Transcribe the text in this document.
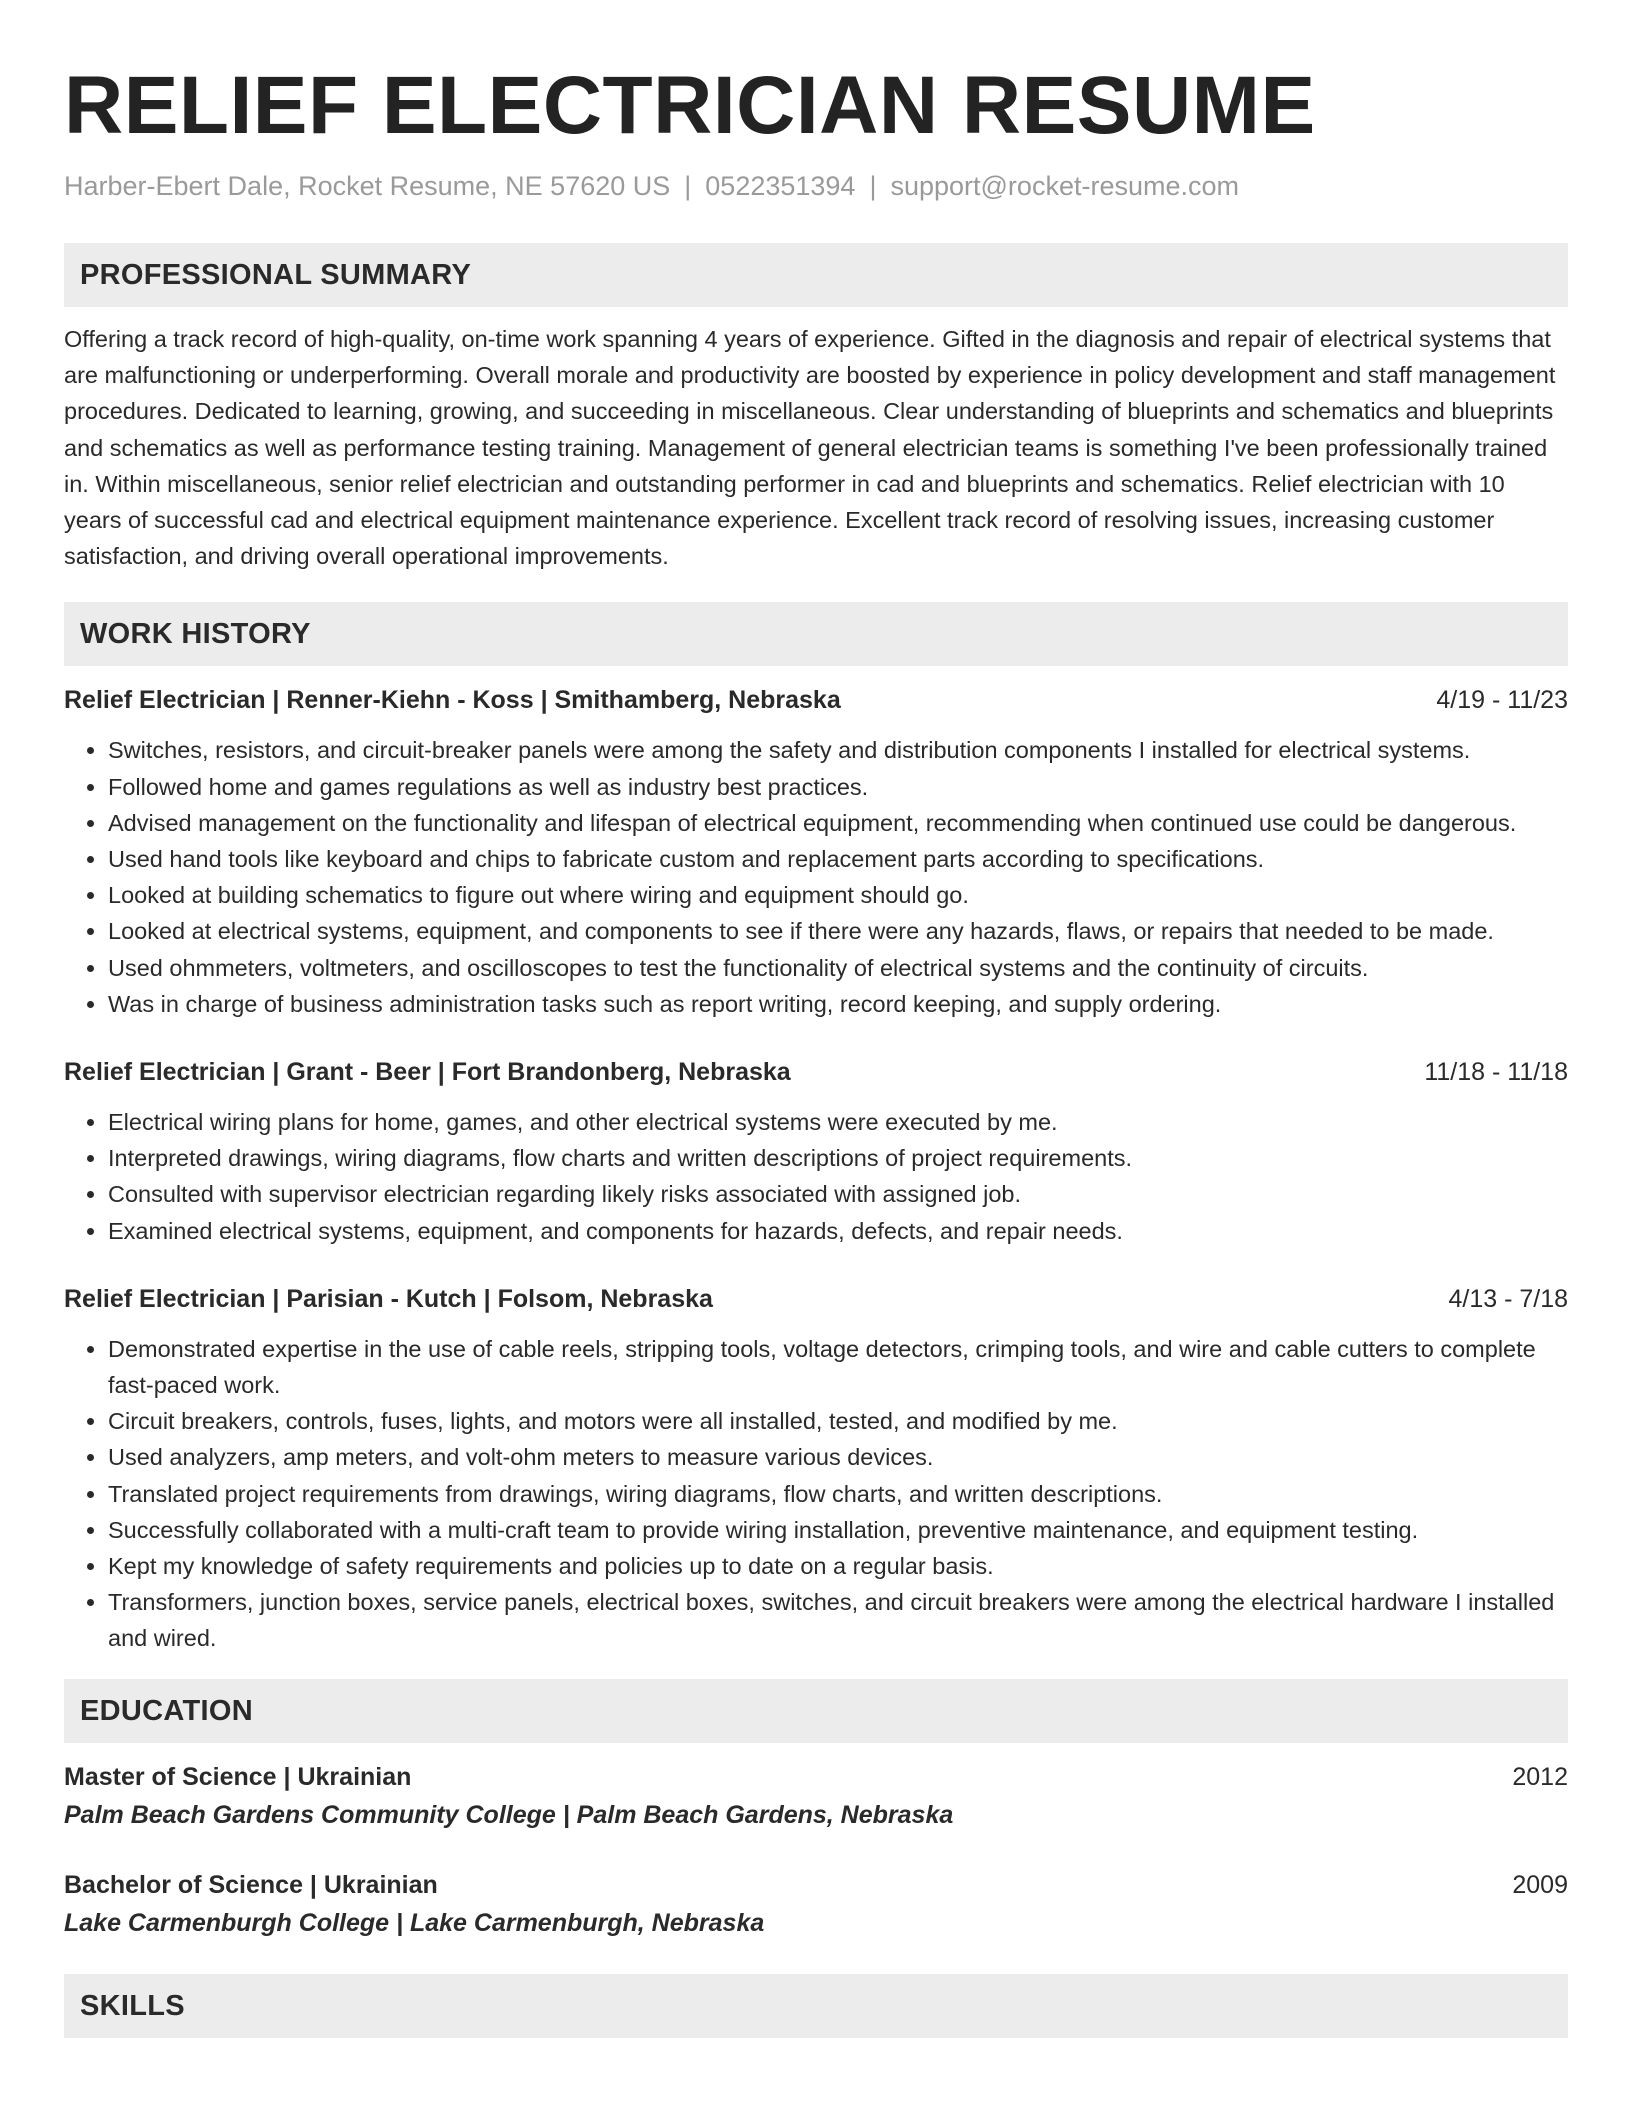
RELIEF ELECTRICIAN RESUME
Harber-Ebert Dale, Rocket Resume, NE 57620 US | 0522351394 | support@rocket-resume.com
PROFESSIONAL SUMMARY

Offering a track record of high-quality, on-time work spanning 4 years of experience. Gifted in the diagnosis and repair of electrical systems that are malfunctioning or underperforming. Overall morale and productivity are boosted by experience in policy development and staff management procedures. Dedicated to learning, growing, and succeeding in miscellaneous. Clear understanding of blueprints and schematics and blueprints and schematics as well as performance testing training. Management of general electrician teams is something I've been professionally trained in. Within miscellaneous, senior relief electrician and outstanding performer in cad and blueprints and schematics. Relief electrician with 10 years of successful cad and electrical equipment maintenance experience. Excellent track record of resolving issues, increasing customer satisfaction, and driving overall operational improvements.

WORK HISTORY
Relief Electrician | Renner-Kiehn - Koss | Smithamberg, Nebraska	4/19 - 11/23
• Switches, resistors, and circuit-breaker panels were among the safety and distribution components I installed for electrical systems.
• Followed home and games regulations as well as industry best practices.
• Advised management on the functionality and lifespan of electrical equipment, recommending when continued use could be dangerous.
• Used hand tools like keyboard and chips to fabricate custom and replacement parts according to specifications.
• Looked at building schematics to figure out where wiring and equipment should go.
• Looked at electrical systems, equipment, and components to see if there were any hazards, flaws, or repairs that needed to be made.
• Used ohmmeters, voltmeters, and oscilloscopes to test the functionality of electrical systems and the continuity of circuits.
• Was in charge of business administration tasks such as report writing, record keeping, and supply ordering.
Relief Electrician | Grant - Beer | Fort Brandonberg, Nebraska	11/18 - 11/18
• Electrical wiring plans for home, games, and other electrical systems were executed by me.
• Interpreted drawings, wiring diagrams, flow charts and written descriptions of project requirements.
• Consulted with supervisor electrician regarding likely risks associated with assigned job.
• Examined electrical systems, equipment, and components for hazards, defects, and repair needs.
Relief Electrician | Parisian - Kutch | Folsom, Nebraska	4/13 - 7/18
• Demonstrated expertise in the use of cable reels, stripping tools, voltage detectors, crimping tools, and wire and cable cutters to complete fast-paced work.
• Circuit breakers, controls, fuses, lights, and motors were all installed, tested, and modified by me.
• Used analyzers, amp meters, and volt-ohm meters to measure various devices.
• Translated project requirements from drawings, wiring diagrams, flow charts, and written descriptions.
• Successfully collaborated with a multi-craft team to provide wiring installation, preventive maintenance, and equipment testing.
• Kept my knowledge of safety requirements and policies up to date on a regular basis.
• Transformers, junction boxes, service panels, electrical boxes, switches, and circuit breakers were among the electrical hardware I installed and wired.
EDUCATION
Master of Science | Ukrainian	2012
Palm Beach Gardens Community College | Palm Beach Gardens, Nebraska
Bachelor of Science | Ukrainian	2009
Lake Carmenburgh College | Lake Carmenburgh, Nebraska
SKILLS
